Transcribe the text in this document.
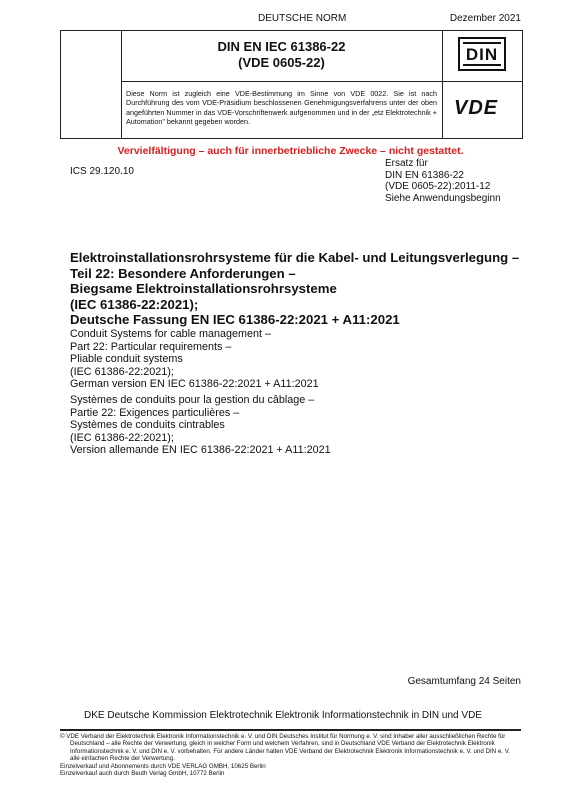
DEUTSCHE NORM	Dezember 2021
DIN EN IEC 61386-22
(VDE 0605-22)
Diese Norm ist zugleich eine VDE-Bestimmung im Sinne von VDE 0022. Sie ist nach Durchführung des vom VDE-Präsidium beschlossenen Genehmigungsverfahrens unter der oben angeführten Nummer in das VDE-Vorschriftenwerk aufgenommen und in der „etz Elektrotechnik + Automation" bekannt gegeben worden.
DIN
VDE
Vervielfältigung – auch für innerbetriebliche Zwecke – nicht gestattet.
ICS 29.120.10
Ersatz für
DIN EN 61386-22
(VDE 0605-22):2011-12
Siehe Anwendungsbeginn
Elektroinstallationsrohrsysteme für die Kabel- und Leitungsverlegung –
Teil 22: Besondere Anforderungen –
Biegsame Elektroinstallationsrohrsysteme
(IEC 61386-22:2021);
Deutsche Fassung EN IEC 61386-22:2021 + A11:2021
Conduit Systems for cable management –
Part 22: Particular requirements –
Pliable conduit systems
(IEC 61386-22:2021);
German version EN IEC 61386-22:2021 + A11:2021
Systèmes de conduits pour la gestion du câblage –
Partie 22: Exigences particulières –
Systèmes de conduits cintrables
(IEC 61386-22:2021);
Version allemande EN IEC 61386-22:2021 + A11:2021
Gesamtumfang 24 Seiten
DKE Deutsche Kommission Elektrotechnik Elektronik Informationstechnik in DIN und VDE
© VDE Verband der Elektrotechnik Elektronik Informationstechnik e. V. und DIN Deutsches Institut für Normung e. V. sind Inhaber aller ausschließlichen Rechte für Deutschland – alle Rechte der Verwertung, gleich in welcher Form und welchem Verfahren, sind in Deutschland VDE Verband der Elektrotechnik Elektronik Informationstechnik e. V. und DIN e. V. vorbehalten. Für andere Länder halten VDE Verband der Elektrotechnik Elektronik Informationstechnik e. V. und DIN e. V. alle einfachen Rechte der Verwertung.
Einzelverkauf und Abonnements durch VDE VERLAG GMBH, 10625 Berlin
Einzelverkauf auch durch Beuth Verlag GmbH, 10772 Berlin
